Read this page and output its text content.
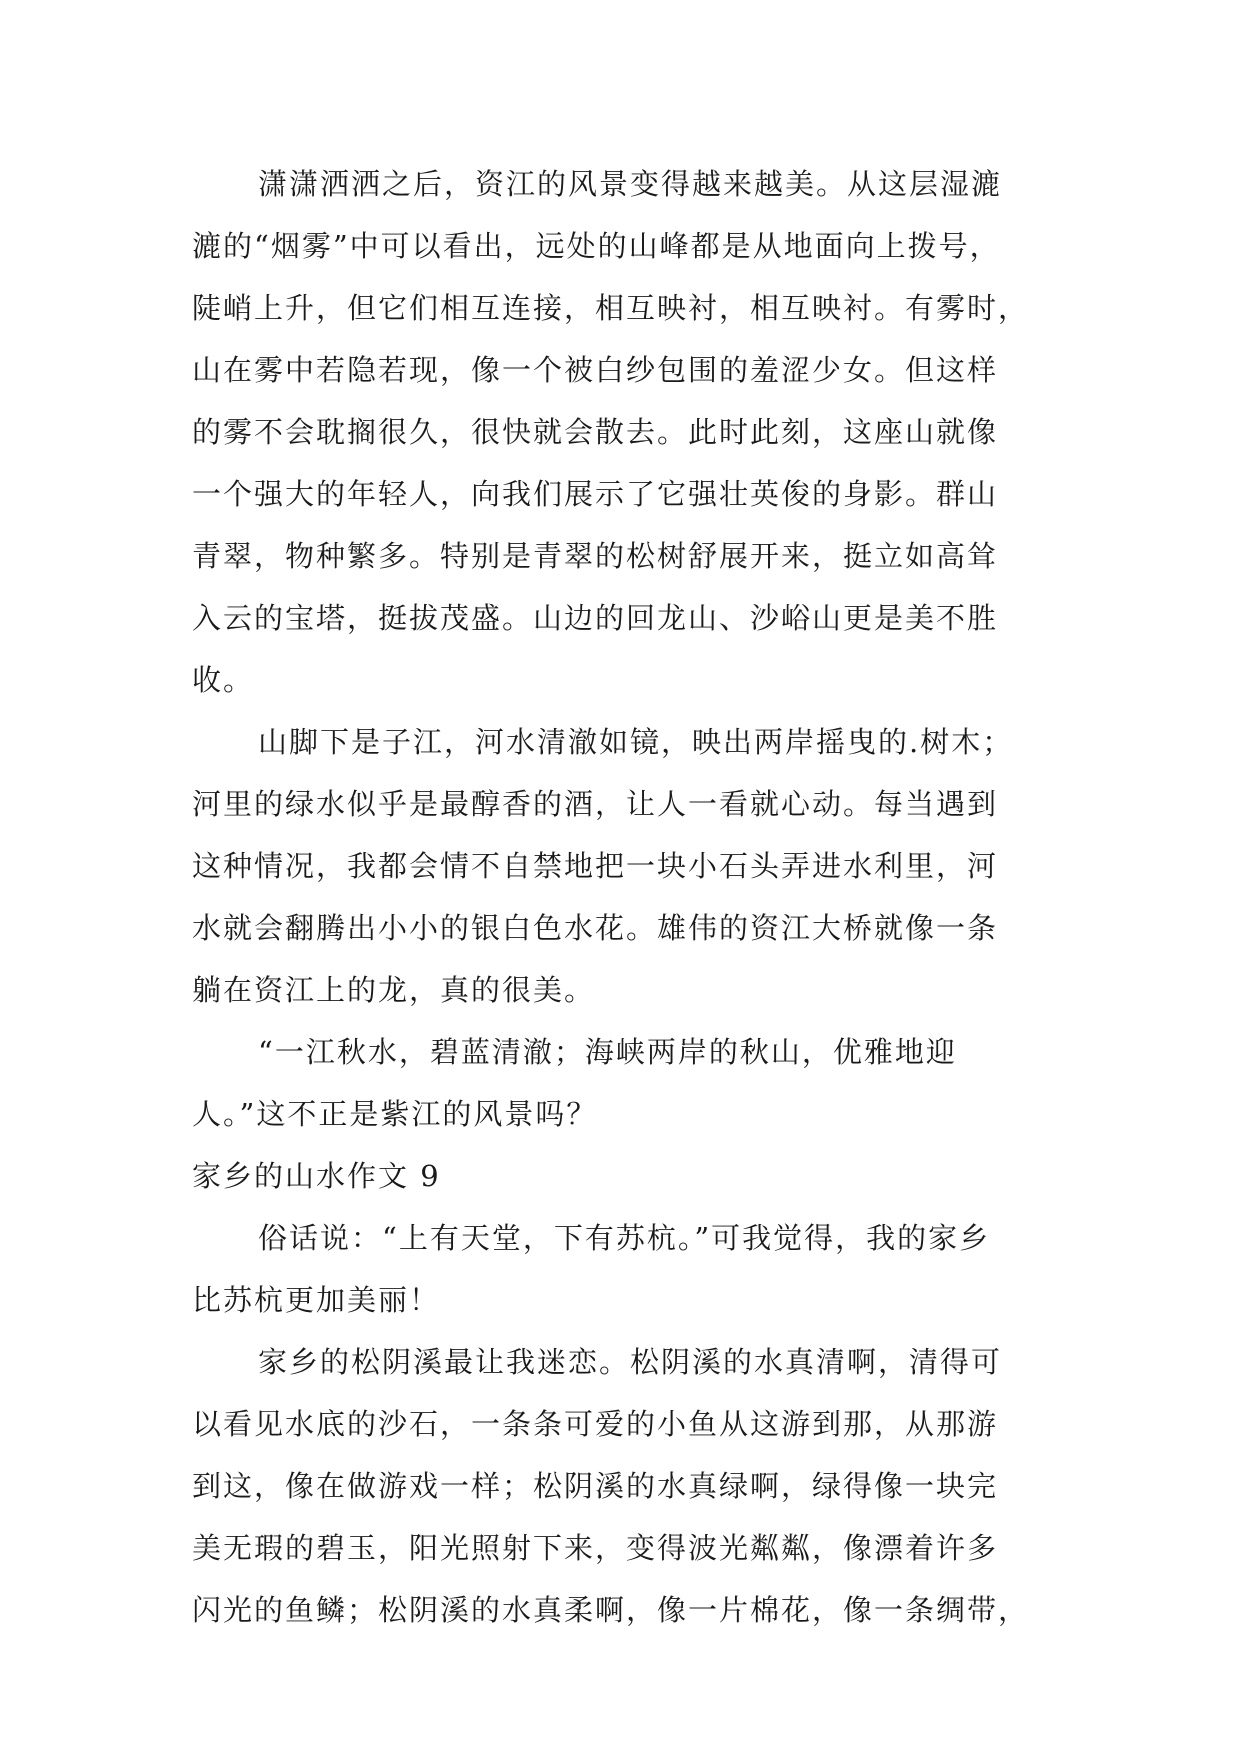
潇潇洒洒之后，资江的风景变得越来越美。从这层湿漉
漉的“烟雾”中可以看出，远处的山峰都是从地面向上拨号，
陡峭上升，但它们相互连接，相互映衬，相互映衬。有雾时，
山在雾中若隐若现，像一个被白纱包围的羞涩少女。但这样
的雾不会耽搁很久，很快就会散去。此时此刻，这座山就像
一个强大的年轻人，向我们展示了它强壮英俊的身影。群山
青翠，物种繁多。特别是青翠的松树舒展开来，挺立如高耸
入云的宝塔，挺拔茂盛。山边的回龙山、沙峪山更是美不胜
收。
山脚下是子江，河水清澈如镜，映出两岸摇曳的.树木；
河里的绿水似乎是最醇香的酒，让人一看就心动。每当遇到
这种情况，我都会情不自禁地把一块小石头弄进水利里，河
水就会翻腾出小小的银白色水花。雄伟的资江大桥就像一条
躺在资江上的龙，真的很美。
“一江秋水，碧蓝清澈；海峡两岸的秋山，优雅地迎
人。”这不正是紫江的风景吗？
家乡的山水作文 9
俗话说：“上有天堂，下有苏杭。”可我觉得，我的家乡
比苏杭更加美丽！
家乡的松阴溪最让我迷恋。松阴溪的水真清啊，清得可
以看见水底的沙石，一条条可爱的小鱼从这游到那，从那游
到这，像在做游戏一样；松阴溪的水真绿啊，绿得像一块完
美无瑕的碧玉，阳光照射下来，变得波光粼粼，像漂着许多
闪光的鱼鳞；松阴溪的水真柔啊，像一片棉花，像一条绸带，
